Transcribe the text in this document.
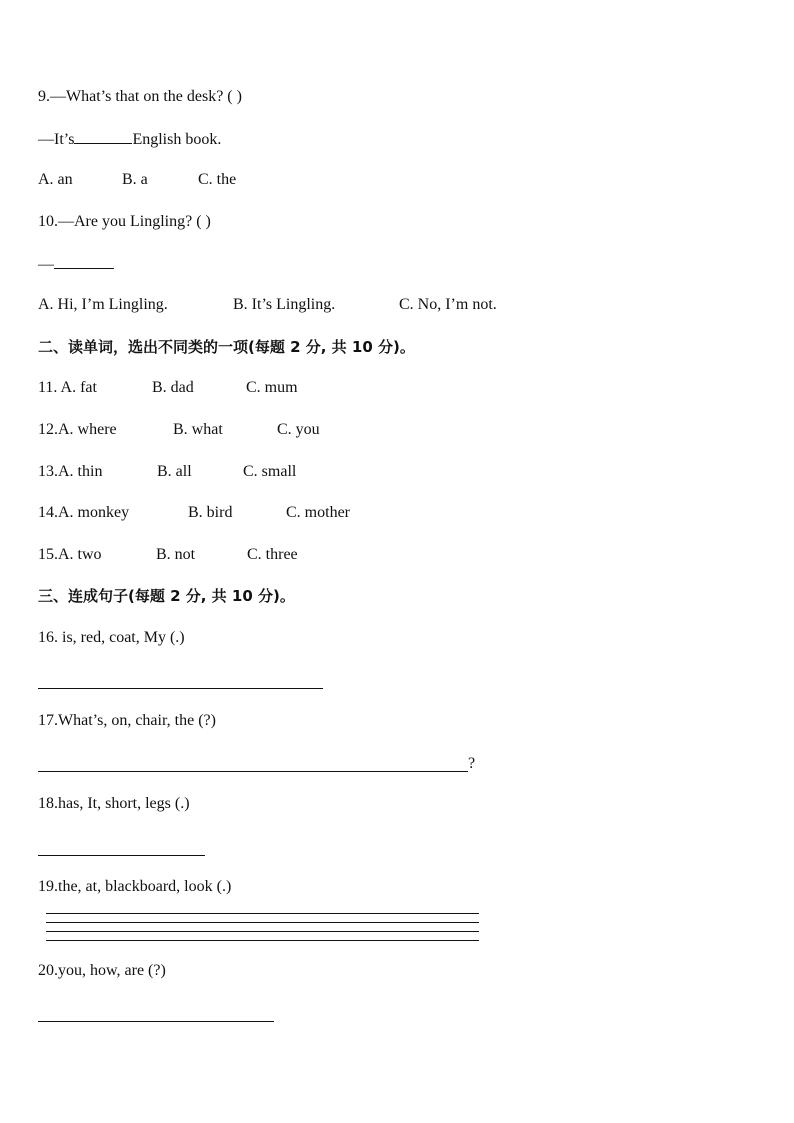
9.—What’s that on the desk? ( )
—It’s	English book.
A. an	B. a	C. the
10.—Are you Lingling? ( )
—
A. Hi, I’m Lingling.	B. It’s Lingling.	C. No, I’m not.
二、读单词，选出不同类的一项(每题 2 分, 共 10 分)。
11. A. fat	B. dad	C. mum
12.A. where	B. what	C. you
13.A. thin	B. all	C. small
14.A. monkey	B. bird	C. mother
15.A. two	B. not	C. three
三、连成句子(每题 2 分, 共 10 分)。
16. is, red, coat, My (.)
17.What’s, on, chair, the (?)
?
18.has, It, short, legs (.)
19.the, at, blackboard, look (.)
20.you, how, are (?)
